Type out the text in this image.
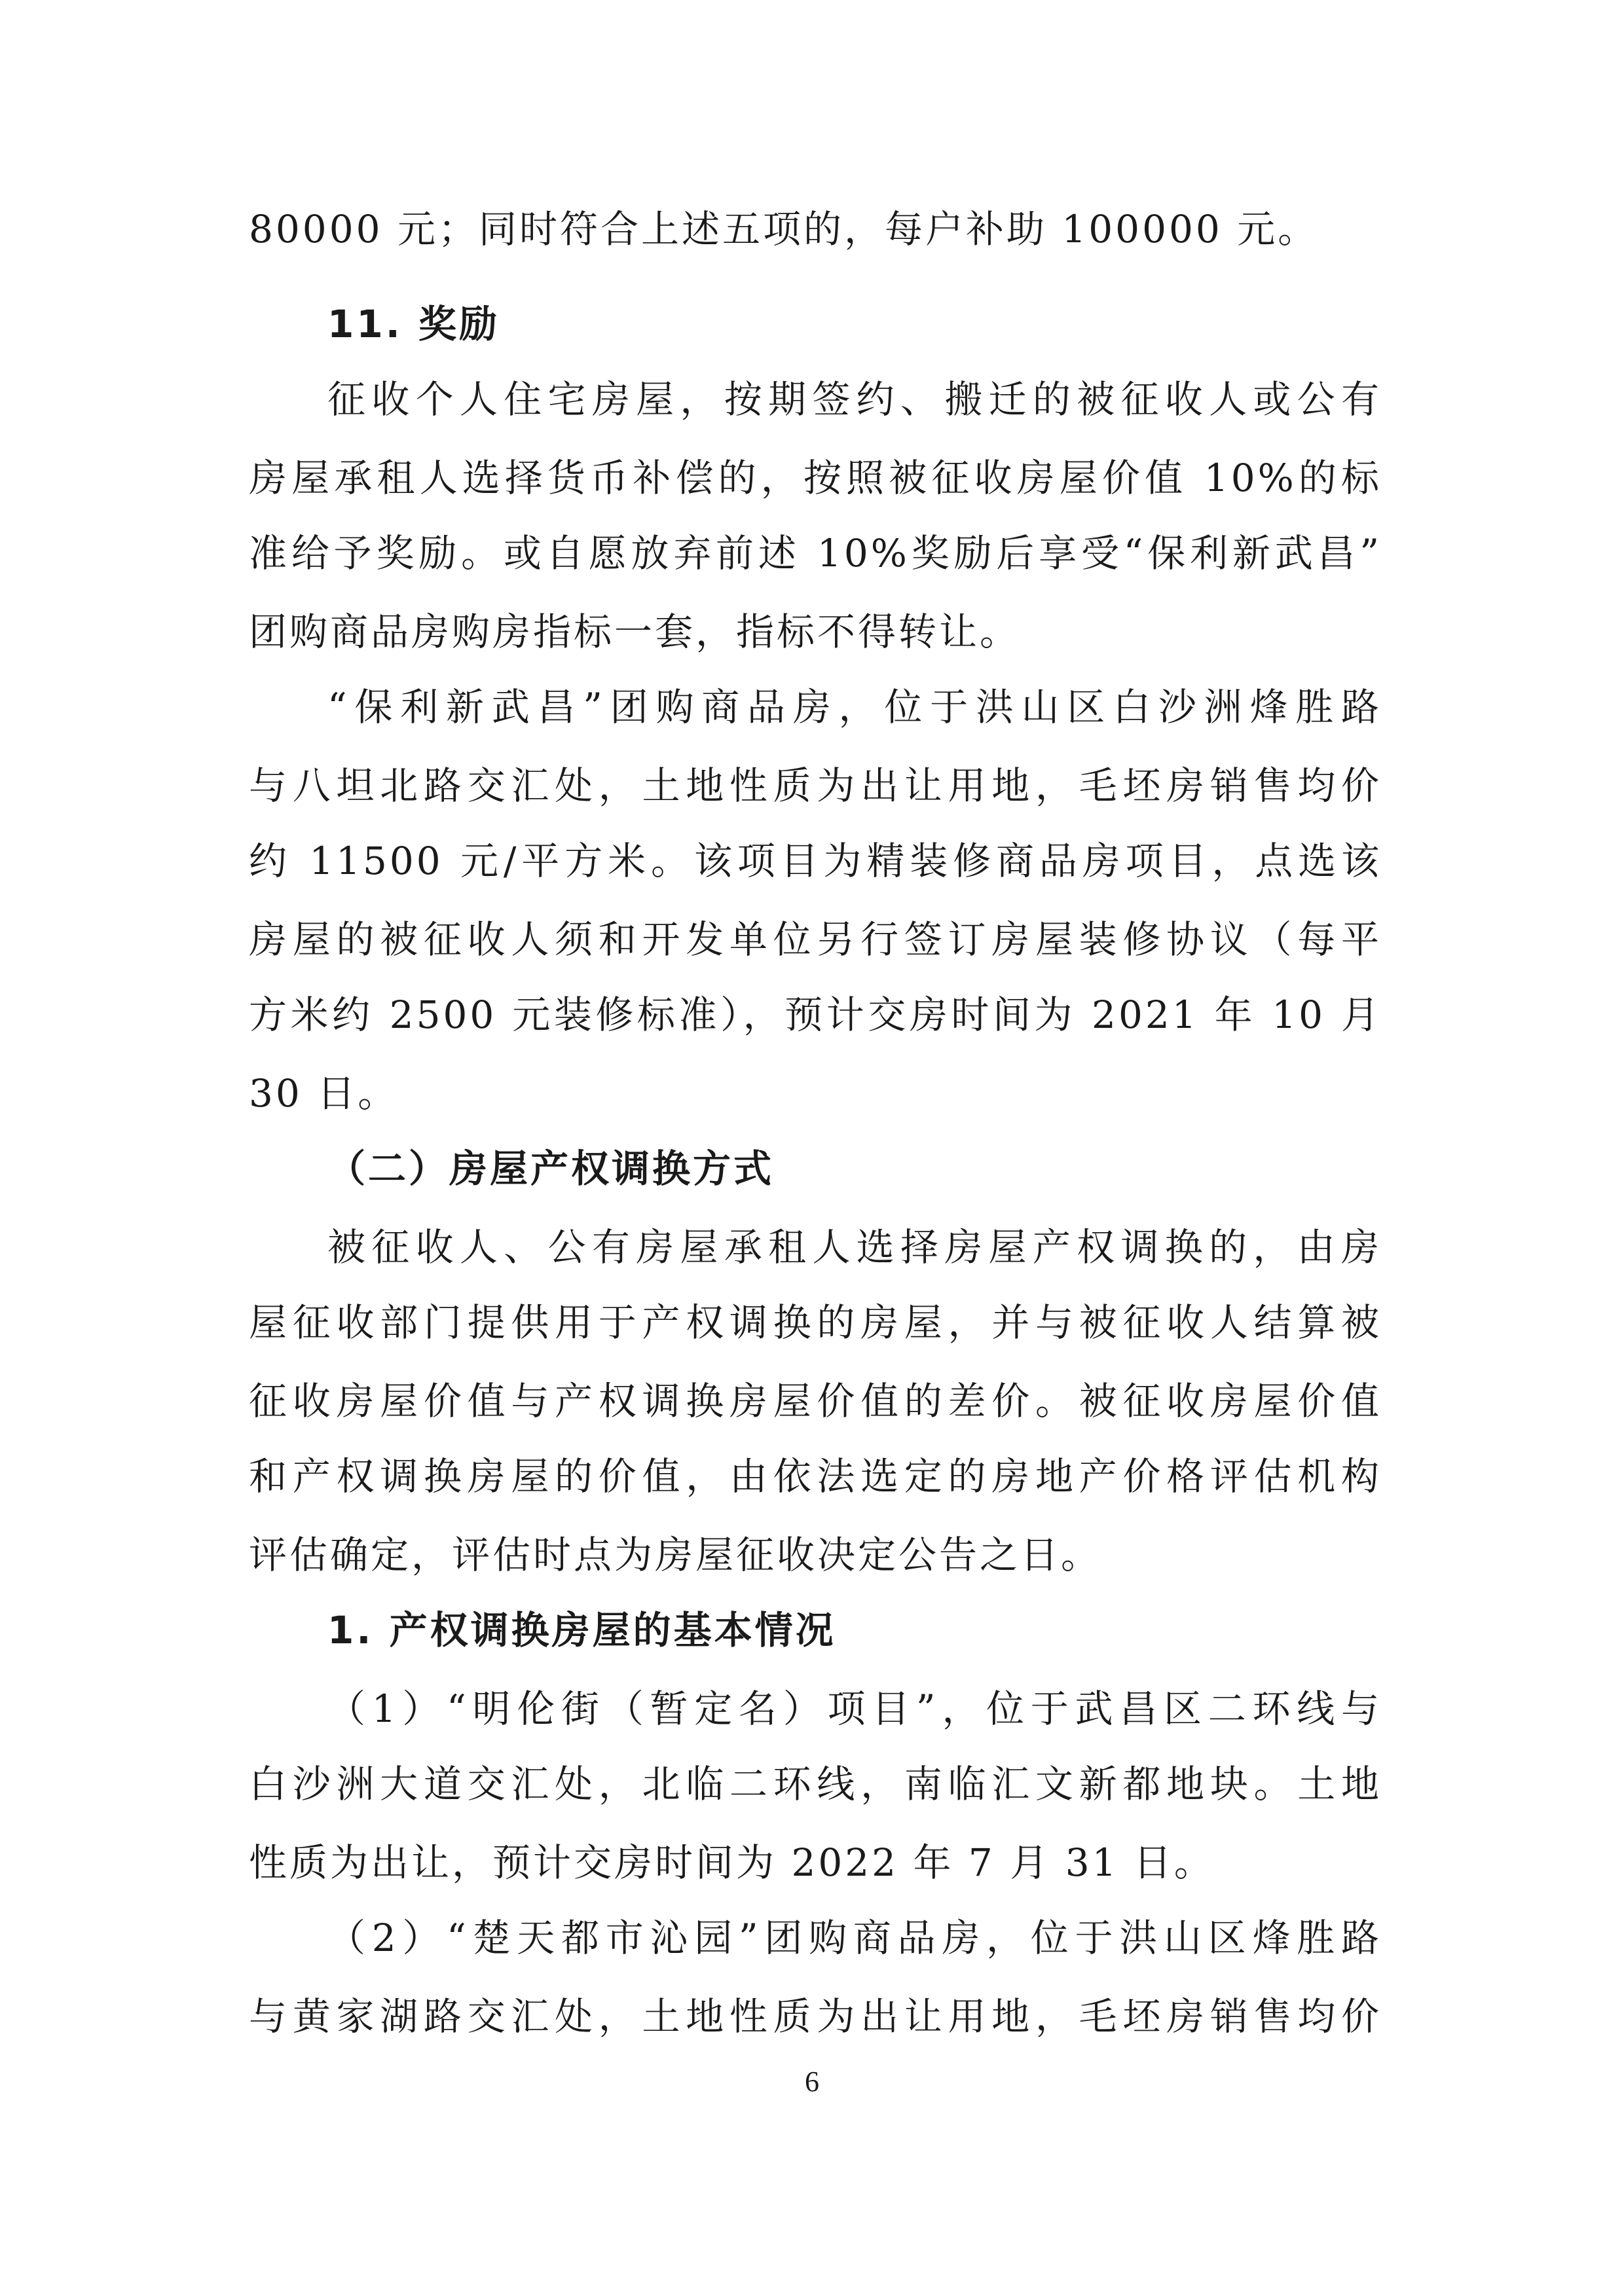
80000 元；同时符合上述五项的，每户补助 100000 元。
11. 奖励
征收个人住宅房屋，按期签约、搬迁的被征收人或公有
房屋承租人选择货币补偿的，按照被征收房屋价值 10%的标
准给予奖励。或自愿放弃前述 10%奖励后享受“保利新武昌”
团购商品房购房指标一套，指标不得转让。
“保利新武昌”团购商品房，位于洪山区白沙洲烽胜路
与八坦北路交汇处，土地性质为出让用地，毛坯房销售均价
约 11500 元/平方米。该项目为精装修商品房项目，点选该
房屋的被征收人须和开发单位另行签订房屋装修协议（每平
方米约 2500 元装修标准），预计交房时间为 2021 年 10 月
30 日。
（二）房屋产权调换方式
被征收人、公有房屋承租人选择房屋产权调换的，由房
屋征收部门提供用于产权调换的房屋，并与被征收人结算被
征收房屋价值与产权调换房屋价值的差价。被征收房屋价值
和产权调换房屋的价值，由依法选定的房地产价格评估机构
评估确定，评估时点为房屋征收决定公告之日。
1. 产权调换房屋的基本情况
（1）“明伦街（暂定名）项目”，位于武昌区二环线与
白沙洲大道交汇处，北临二环线，南临汇文新都地块。土地
性质为出让，预计交房时间为 2022 年 7 月 31 日。
（2）“楚天都市沁园”团购商品房，位于洪山区烽胜路
与黄家湖路交汇处，土地性质为出让用地，毛坯房销售均价
6
